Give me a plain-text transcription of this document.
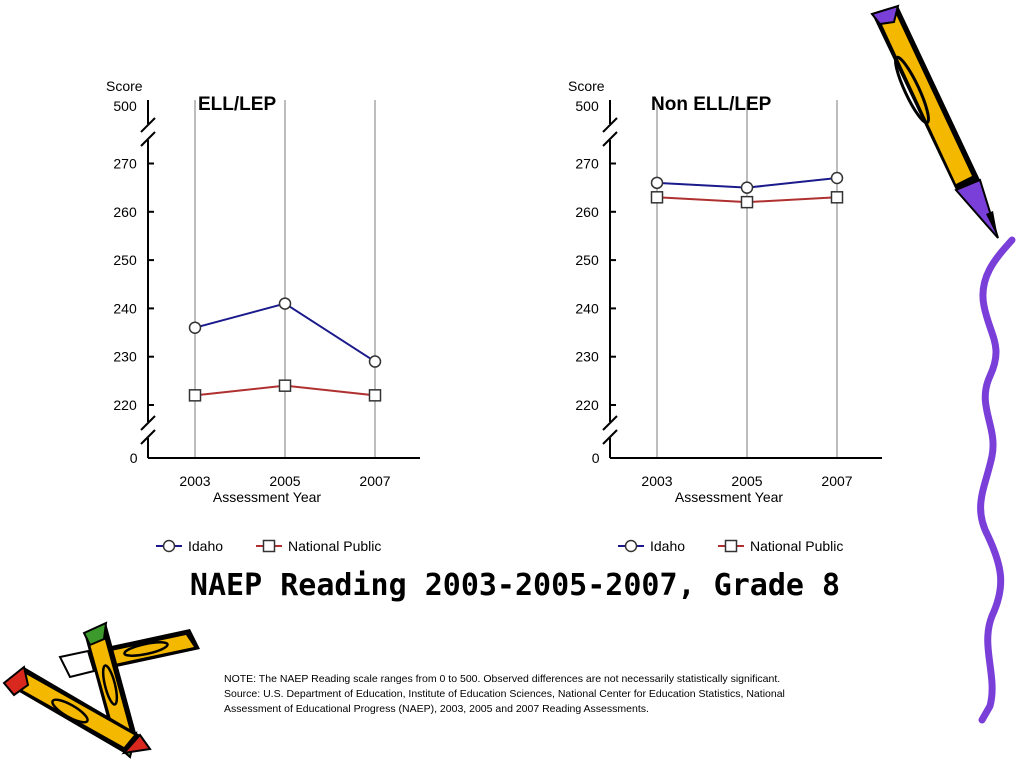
Score
500
270
260
250
240
230
220
0
2003	2005	2007
Assessment Year
Idaho	National Public
Score
500
270
260
250
240
230
220
0
2003	2005	2007
Assessment Year
Idaho	National Public
ELL/LEP	Non ELL/LEP
NAEP Reading 2003-2005-2007, Grade 8
NOTE: The NAEP Reading scale ranges from 0 to 500. Observed differences are not necessarily statistically significant.
Source: U.S. Department of Education, Institute of Education Sciences, National Center for Education Statistics, National
Assessment of Educational Progress (NAEP), 2003, 2005 and 2007 Reading Assessments.
